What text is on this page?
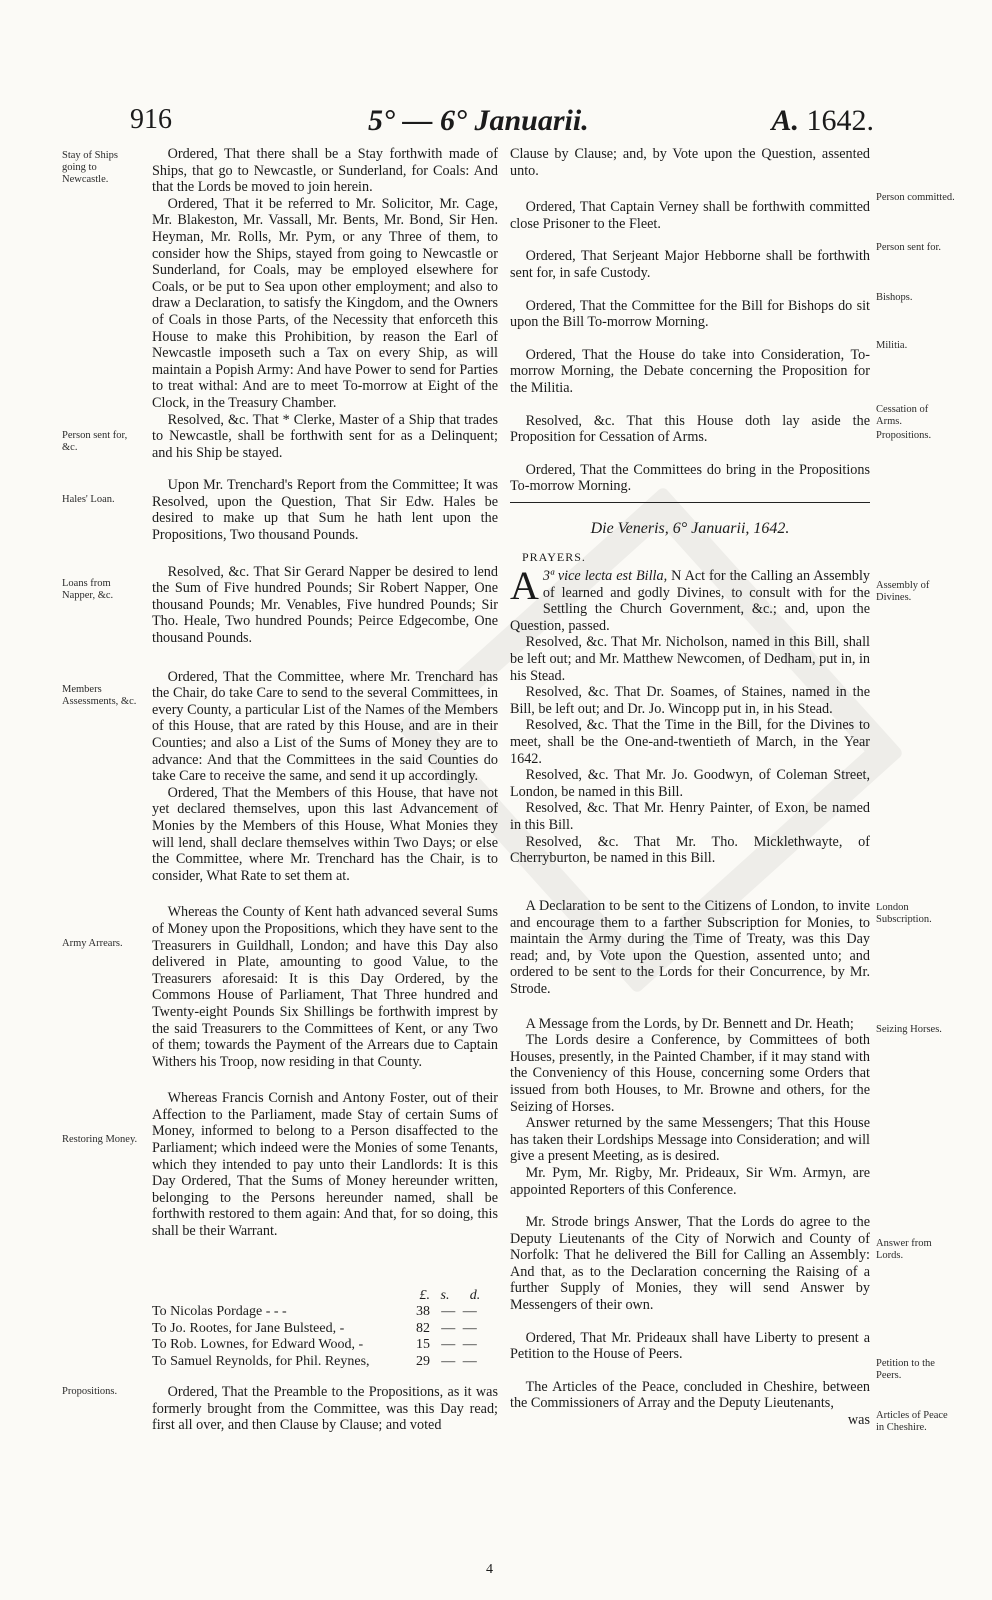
916	5° — 6° Januarii.	A. 1642.
Stay of Ships going to Newcastle.
Person sent for, &c.
Hales' Loan.
Loans from Napper, &c.
Members Assessments, &c.
Army Arrears.
Restoring Money.
Propositions.

Ordered, That there shall be a Stay forthwith made of Ships, that go to Newcastle, or Sunderland, for Coals: And that the Lords be moved to join herein.

Ordered, That it be referred to Mr. Solicitor, Mr. Cage, Mr. Blakeston, Mr. Vassall, Mr. Bents, Mr. Bond, Sir Hen. Heyman, Mr. Rolls, Mr. Pym, or any Three of them, to consider how the Ships, stayed from going to Newcastle or Sunderland, for Coals, may be employed elsewhere for Coals, or be put to Sea upon other employment; and also to draw a Declaration, to satisfy the Kingdom, and the Owners of Coals in those Parts, of the Necessity that enforceth this House to make this Prohibition, by reason the Earl of Newcastle imposeth such a Tax on every Ship, as will maintain a Popish Army: And have Power to send for Parties to treat withal: And are to meet To-morrow at Eight of the Clock, in the Treasury Chamber.

Resolved, &c. That * Clerke, Master of a Ship that trades to Newcastle, shall be forthwith sent for as a Delinquent; and his Ship be stayed.

Upon Mr. Trenchard's Report from the Committee; It was Resolved, upon the Question, That Sir Edw. Hales be desired to make up that Sum he hath lent upon the Propositions, Two thousand Pounds.

Resolved, &c. That Sir Gerard Napper be desired to lend the Sum of Five hundred Pounds; Sir Robert Napper, One thousand Pounds; Mr. Venables, Five hundred Pounds; Sir Tho. Heale, Two hundred Pounds; Peirce Edgecombe, One thousand Pounds.

Ordered, That the Committee, where Mr. Trenchard has the Chair, do take Care to send to the several Committees, in every County, a particular List of the Names of the Members of this House, that are rated by this House, and are in their Counties; and also a List of the Sums of Money they are to advance: And that the Committees in the said Counties do take Care to receive the same, and send it up accordingly.

Ordered, That the Members of this House, that have not yet declared themselves, upon this last Advancement of Monies by the Members of this House, What Monies they will lend, shall declare themselves within Two Days; or else the Committee, where Mr. Trenchard has the Chair, is to consider, What Rate to set them at.

Whereas the County of Kent hath advanced several Sums of Money upon the Propositions, which they have sent to the Treasurers in Guildhall, London; and have this Day also delivered in Plate, amounting to good Value, to the Treasurers aforesaid: It is this Day Ordered, by the Commons House of Parliament, That Three hundred and Twenty-eight Pounds Six Shillings be forthwith imprest by the said Treasurers to the Committees of Kent, or any Two of them; towards the Payment of the Arrears due to Captain Withers his Troop, now residing in that County.

Whereas Francis Cornish and Antony Foster, out of their Affection to the Parliament, made Stay of certain Sums of Money, informed to belong to a Person disaffected to the Parliament; which indeed were the Monies of some Tenants, which they intended to pay unto their Landlords: It is this Day Ordered, That the Sums of Money hereunder written, belonging to the Persons hereunder named, shall be forthwith restored to them again: And that, for so doing, this shall be their Warrant.

£. s.	d.
To Nicolas Pordage - - -	38 — —
To Jo. Rootes, for Jane Bulsteed, -	82 — —
To Rob. Lownes, for Edward Wood, -	15 — —
To Samuel Reynolds, for Phil. Reynes,	29 — —

Ordered, That the Preamble to the Propositions, as it was formerly brought from the Committee, was this Day read; first all over, and then Clause by Clause; and voted

Person committed.
Person sent for.
Bishops.
Militia.
Cessation of Arms.
Propositions.
Assembly of Divines.
London Subscription.
Seizing Horses.
Answer from Lords.
Petition to the Peers.
Articles of Peace in Cheshire.

Clause by Clause; and, by Vote upon the Question, assented unto.

Ordered, That Captain Verney shall be forthwith committed close Prisoner to the Fleet.

Ordered, That Serjeant Major Hebborne shall be forthwith sent for, in safe Custody.

Ordered, That the Committee for the Bill for Bishops do sit upon the Bill To-morrow Morning.

Ordered, That the House do take into Consideration, To-morrow Morning, the Debate concerning the Proposition for the Militia.

Resolved, &c. That this House doth lay aside the Proposition for Cessation of Arms.

Ordered, That the Committees do bring in the Propositions To-morrow Morning.

Die Veneris, 6° Januarii, 1642.
PRAYERS.

3ª vice lecta est Billa,
A	N Act for the Calling an Assembly of learned and godly Divines, to consult with for the Settling the Church Government, &c.; and, upon the Question, passed.

Resolved, &c. That Mr. Nicholson, named in this Bill, shall be left out; and Mr. Matthew Newcomen, of Dedham, put in, in his Stead.

Resolved, &c. That Dr. Soames, of Staines, named in the Bill, be left out; and Dr. Jo. Wincopp put in, in his Stead.

Resolved, &c. That the Time in the Bill, for the Divines to meet, shall be the One-and-twentieth of March, in the Year 1642.

Resolved, &c. That Mr. Jo. Goodwyn, of Coleman Street, London, be named in this Bill.

Resolved, &c. That Mr. Henry Painter, of Exon, be named in this Bill.

Resolved, &c. That Mr. Tho. Micklethwayte, of Cherryburton, be named in this Bill.

A Declaration to be sent to the Citizens of London, to invite and encourage them to a farther Subscription for Monies, to maintain the Army during the Time of Treaty, was this Day read; and, by Vote upon the Question, assented unto; and ordered to be sent to the Lords for their Concurrence, by Mr. Strode.

A Message from the Lords, by Dr. Bennett and Dr. Heath;

The Lords desire a Conference, by Committees of both Houses, presently, in the Painted Chamber, if it may stand with the Conveniency of this House, concerning some Orders that issued from both Houses, to Mr. Browne and others, for the Seizing of Horses.

Answer returned by the same Messengers; That this House has taken their Lordships Message into Consideration; and will give a present Meeting, as is desired.

Mr. Pym, Mr. Rigby, Mr. Prideaux, Sir Wm. Armyn, are appointed Reporters of this Conference.

Mr. Strode brings Answer, That the Lords do agree to the Deputy Lieutenants of the City of Norwich and County of Norfolk: That he delivered the Bill for Calling an Assembly: And that, as to the Declaration concerning the Raising of a further Supply of Monies, they will send Answer by Messengers of their own.

Ordered, That Mr. Prideaux shall have Liberty to present a Petition to the House of Peers.

The Articles of the Peace, concluded in Cheshire, between the Commissioners of Array and the Deputy Lieutenants,

was

4
